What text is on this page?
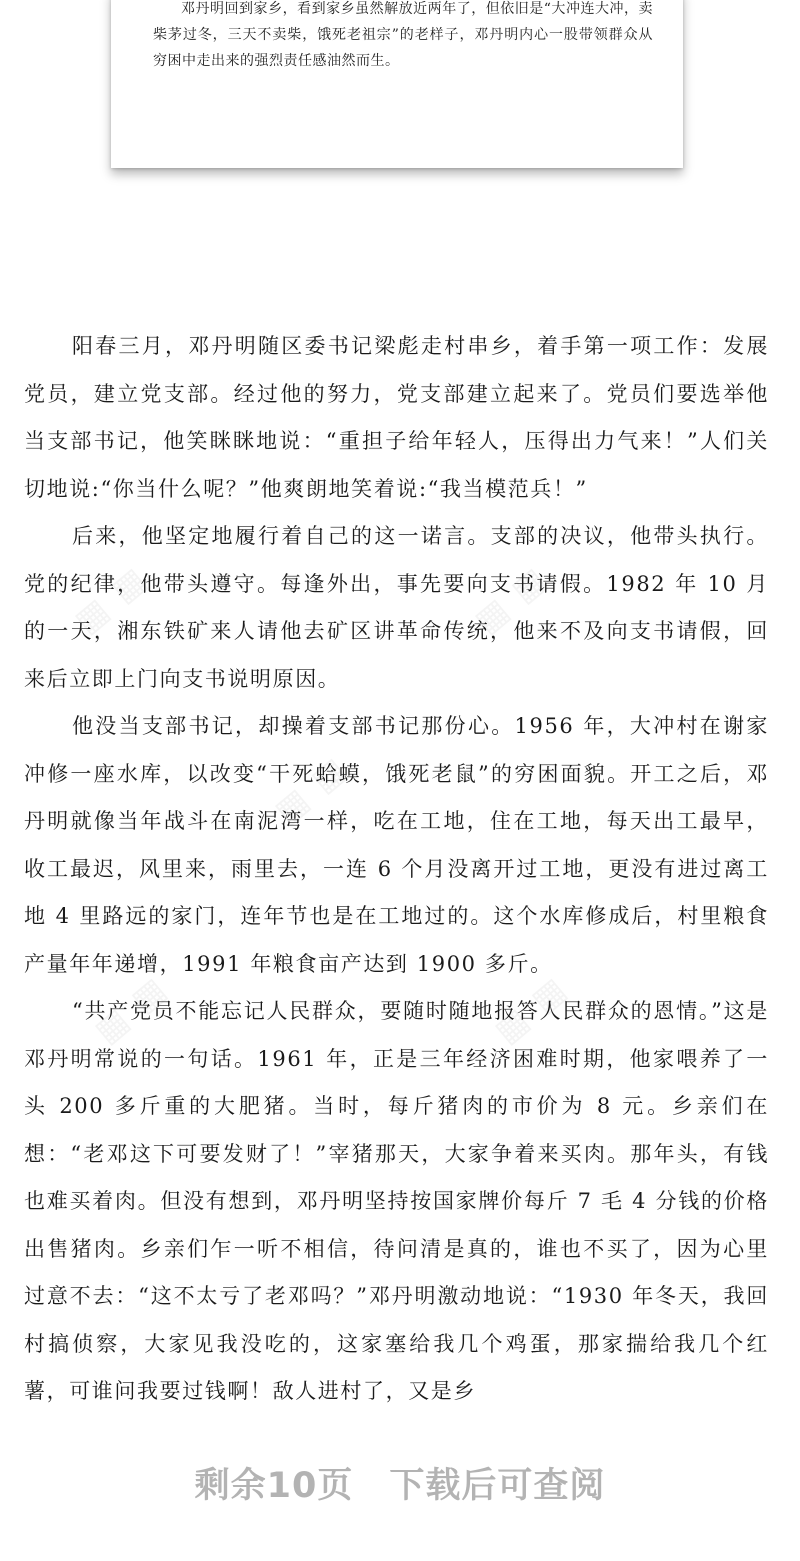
邓丹明回到家乡，看到家乡虽然解放近两年了，但依旧是“大冲连大冲，卖柴茅过冬，三天不卖柴，饿死老祖宗”的老样子，邓丹明内心一股带领群众从穷困中走出来的强烈责任感油然而生。

阳春三月，邓丹明随区委书记梁彪走村串乡，着手第一项工作：发展党员，建立党支部。经过他的努力，党支部建立起来了。党员们要选举他当支部书记，他笑眯眯地说：“重担子给年轻人，压得出力气来！”人们关切地说:“你当什么呢？”他爽朗地笑着说:“我当模范兵！”

后来，他坚定地履行着自己的这一诺言。支部的决议，他带头执行。党的纪律，他带头遵守。每逢外出，事先要向支书请假。1982 年 10 月的一天，湘东铁矿来人请他去矿区讲革命传统，他来不及向支书请假，回来后立即上门向支书说明原因。

他没当支部书记，却操着支部书记那份心。1956 年，大冲村在谢家冲修一座水库，以改变“干死蛤蟆，饿死老鼠”的穷困面貌。开工之后，邓丹明就像当年战斗在南泥湾一样，吃在工地，住在工地，每天出工最早，收工最迟，风里来，雨里去，一连 6 个月没离开过工地，更没有进过离工地 4 里路远的家门，连年节也是在工地过的。这个水库修成后，村里粮食产量年年递增，1991 年粮食亩产达到 1900 多斤。

“共产党员不能忘记人民群众，要随时随地报答人民群众的恩情。”这是邓丹明常说的一句话。1961 年，正是三年经济困难时期，他家喂养了一头 200 多斤重的大肥猪。当时，每斤猪肉的市价为 8 元。乡亲们在想：“老邓这下可要发财了！”宰猪那天，大家争着来买肉。那年头，有钱也难买着肉。但没有想到，邓丹明坚持按国家牌价每斤 7 毛 4 分钱的价格出售猪肉。乡亲们乍一听不相信，待问清是真的，谁也不买了，因为心里过意不去：“这不太亏了老邓吗？”邓丹明激动地说：“1930 年冬天，我回村搞侦察，大家见我没吃的，这家塞给我几个鸡蛋，那家揣给我几个红薯，可谁问我要过钱啊！敌人进村了，又是乡

剩余10页 下载后可查阅
